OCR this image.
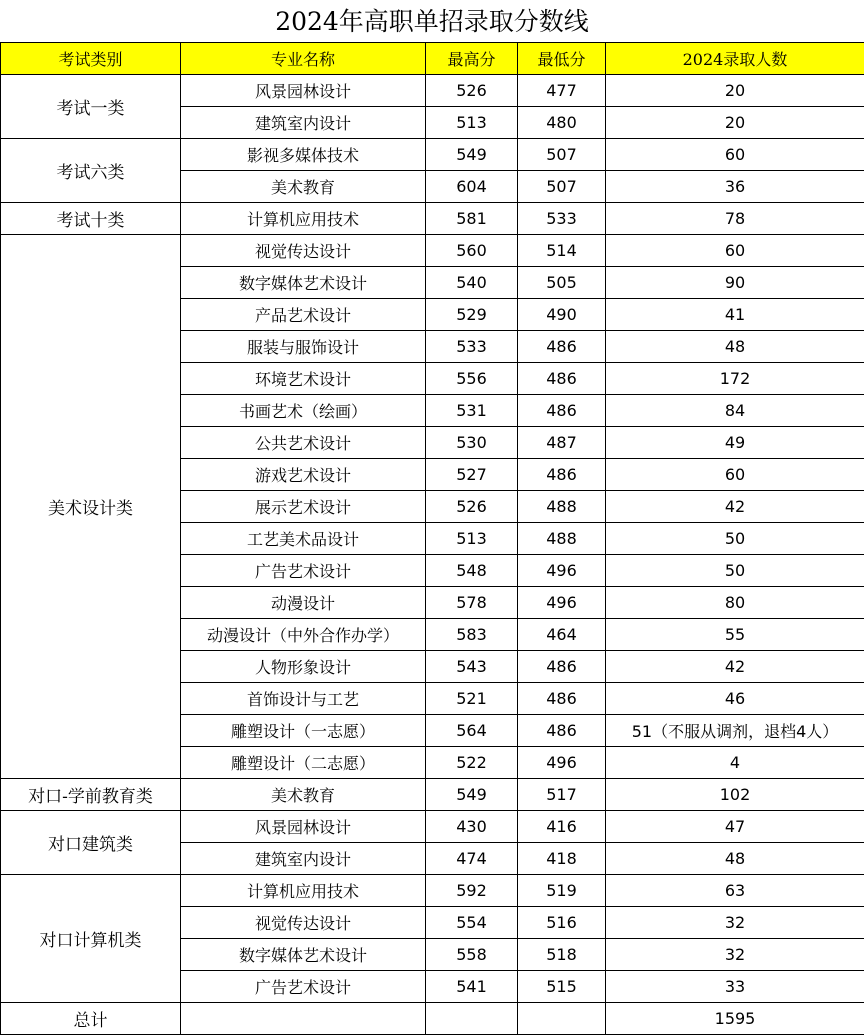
2024年高职单招录取分数线
考试类别	专业名称	最高分	最低分	2024录取人数
考试一类	风景园林设计	526	477	20
	建筑室内设计	513	480	20
考试六类	影视多媒体技术	549	507	60
	美术教育	604	507	36
考试十类	计算机应用技术	581	533	78
美术设计类	视觉传达设计	560	514	60
	数字媒体艺术设计	540	505	90
	产品艺术设计	529	490	41
	服装与服饰设计	533	486	48
	环境艺术设计	556	486	172
	书画艺术（绘画）	531	486	84
	公共艺术设计	530	487	49
	游戏艺术设计	527	486	60
	展示艺术设计	526	488	42
	工艺美术品设计	513	488	50
	广告艺术设计	548	496	50
	动漫设计	578	496	80
	动漫设计（中外合作办学）	583	464	55
	人物形象设计	543	486	42
	首饰设计与工艺	521	486	46
	雕塑设计（一志愿）	564	486	51（不服从调剂，退档4人）
	雕塑设计（二志愿）	522	496	4
对口-学前教育类	美术教育	549	517	102
对口建筑类	风景园林设计	430	416	47
	建筑室内设计	474	418	48
对口计算机类	计算机应用技术	592	519	63
	视觉传达设计	554	516	32
	数字媒体艺术设计	558	518	32
	广告艺术设计	541	515	33
总计				1595
